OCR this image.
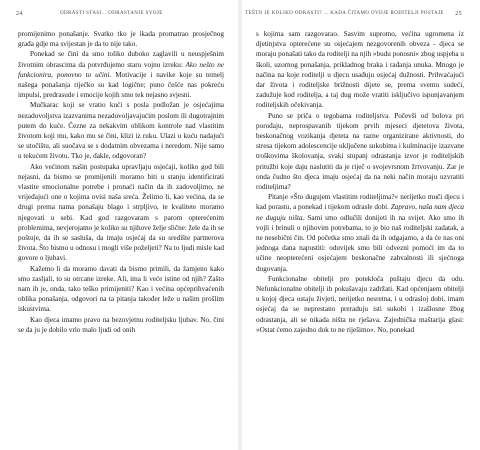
24	ODRASTI STASI... ODRASTANJE SVOJE

promijenimo ponašanje. Svatko tko je ikada promatrao prosječnog građa gdje ma svijestan je da to nije tako.

Ponekad se čini da smo toliko duboko zaglavili u neuspješnim životnim obrascima da potvrđujemo staru vojnu izreku: Ako nešto ne funkcionira, ponovno to učini. Motivacije i navike koje su temelj našega ponašanja riječko su kad logične; puno češće nas pokreću impulsi, predrasude i emocije kojih smo tek nejasno svjesni.

Mučkarac koji se vratio kući s posla podložan je osjećajima nezadovoljstva izazvanima nezadovoljavajućim poslom ili dugotrajnim putem do kuće. Čezne za nekakvim oblikom kontrole nad vlastitim životom koji mu, kako mu se čini, klizi iz ruku. Ulazi u kuću nadajući se utočištu, ali suočava se s dodatnim obvezama i neredom. Nije samo u tekućem životu. Tko je, dakle, odgovoran?

Ako većinom našin postupaka upravljaju osjećaji, koliko god bili nejasni, da bismo se promijenili moramo biti u stanju identificirati vlastite emocionalne potrebe i pronaći način da ih zadovoljimo, ne vrijeđajući one o kojima ovisi naša sreća. Želimo li, kao većina, da se drugi prema nama ponašaju blago i strpljivo, te kvalitete moramo njegovati u sebi. Kad god razgovaram s parom opterećenim problemima, nevjerojatno je koliko su njihove želje slične: žele da ih se poštuje, da ih se sasluša, da imaju osjećaj da su središte partnerova života. Što bismo u odnosu i mogli više poželjeti? Na to ljudi misle kad govore o ljubavi.

Kažemo li da moramo davati da bismo primili, da žamjeno kako smo zasljali, to su otrcane izreke. Ali, ima li veće istine od njih? Zašto nam ih je, onda, tako teško primijeniti? Kao i većina općeprihvaćenih oblika ponašanja, odgovori na ta pitanja također leže u našim prošlim iskustvima.

Kao djeca imamo pravo na bezuvjetnu roditeljsku ljubav. No, čini se da ju je dobilo vrlo malo ljudi od onih

TEŠTO JE KOLIKO ODRASTI? ... KADA ČITAMO OVDJE RODITELJI POSTAJE 25

s kojima sam razgovarao. Sasvim suprotno, većina ugromena iz djetinjstva opterećene su osjećajem nezgovorenih obveza - djeca se moraju ponašati tako da roditelji na njih »budu ponosni« zbog uspjeha u školi, uzornog ponašanja, prikladnog braka i rađanja unuka. Mnogo je načina na koje roditelji u djecu usađuju osjećaj dužnosti. Prihvaćajući dar života i roditeljske brižnosti dijete se, prema svemu sudeći, zadužuje kod roditelja, a taj dug može vratiti isključivo ispunjavanjem roditeljskih očekivanja.

Puno se priča o tegobama roditeljstva. Počevši od bolova pri porođaju, neprospavanih tijekom prvih mjeseci djetetova života, beskonačnog vozikanja djeteta na razne organizirane aktivnosti, do stresa tijekom adolescencije uključene sukobima i kulminacije izazvane troškovima školovanja, svaki stupanj odrastanja izvor je roditeljskih pritužbi koje daju naslutiti da je riječ o svojevrsnom žrtvovanju. Zar je onda čudno što djeca imaju osjećaj da na neki način moraju uzvratiti roditeljima?

Pitanje »Što dugujem vlastitim roditeljima?« nerijetko muči djecu i kad porastu, a ponekad i tijekom odrasle dobi. Zapravo, naša nam djeca ne duguju ništa. Sami smo odlučili donijeti ih na svijet. Ako smo ih vojli i brinuli o njihovim potrebama, to je bio naš roditeljski zadatak, a ne nesebični čin. Od početka smo znali da ih odgajamo, a da će nas oni jednoga dana napustiti: oduvijek smo bili odvezni pomoći im da to učine neopterećeni osjećajem beskonačne zahvalnosti ili sjećnoga dugovanja.

Funkcionalne obitelji pre potekloča puštaju djecu da odu. Nefunkcionalne obitelji ih pokušavaju zadržati. Kad općenjaem obitelji u kojoj djeca ostaju živjeti, nerijetko nesretna, i u odrasloj dobi, imam osjećaj da se neprestano preraduju isti sukobi i izašlosne žbog odrastanja, ali se nikada ništa ne rješava. Zajednička maštarija glasi: »Ostat ćemo zajedno dok to ne riješimo«. No, ponekad
